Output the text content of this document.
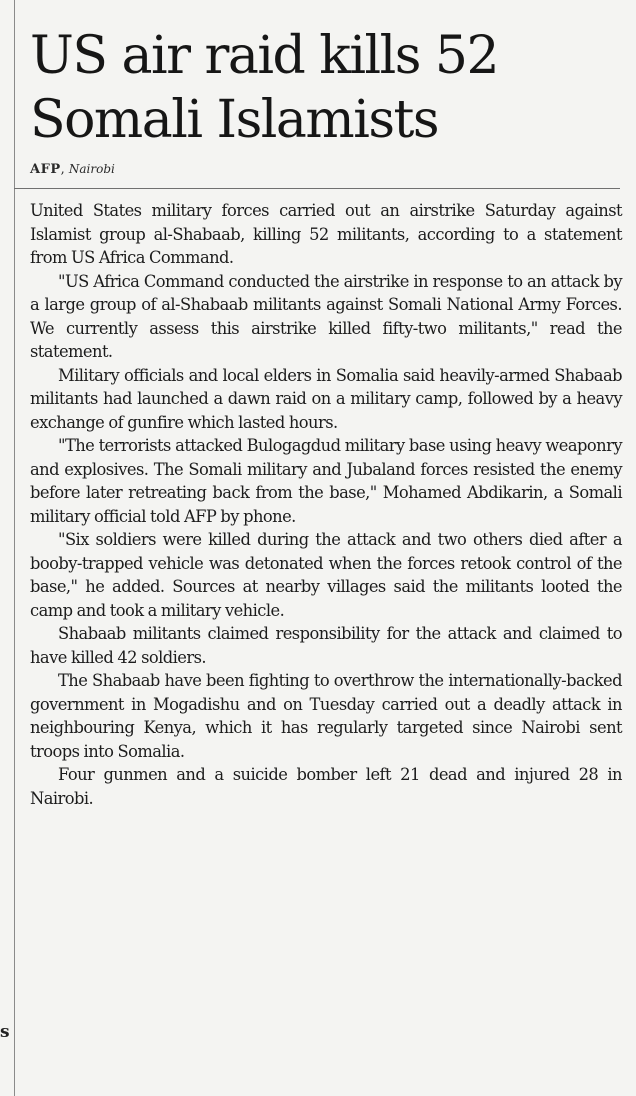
s
US air raid kills 52 Somali Islamists
AFP, Nairobi

United States military forces carried out an airstrike Saturday against Islamist group al-Shabaab, killing 52 militants, according to a statement from US Africa Command.

"US Africa Command conducted the airstrike in response to an attack by a large group of al-Shabaab militants against Somali National Army Forces. We currently assess this airstrike killed fifty-two militants," read the statement.

Military officials and local elders in Somalia said heavily-armed Shabaab militants had launched a dawn raid on a military camp, followed by a heavy exchange of gunfire which lasted hours.

"The terrorists attacked Bulogagdud military base using heavy weaponry and explosives. The Somali military and Jubaland forces resisted the enemy before later retreating back from the base," Mohamed Abdikarin, a Somali military official told AFP by phone.

"Six soldiers were killed during the attack and two others died after a booby-trapped vehicle was detonated when the forces retook control of the base," he added. Sources at nearby villages said the militants looted the camp and took a military vehicle.

Shabaab militants claimed responsibility for the attack and claimed to have killed 42 soldiers.

The Shabaab have been fighting to overthrow the internationally-backed government in Mogadishu and on Tuesday carried out a deadly attack in neighbouring Kenya, which it has regularly targeted since Nairobi sent troops into Somalia.

Four gunmen and a suicide bomber left 21 dead and injured 28 in Nairobi.
